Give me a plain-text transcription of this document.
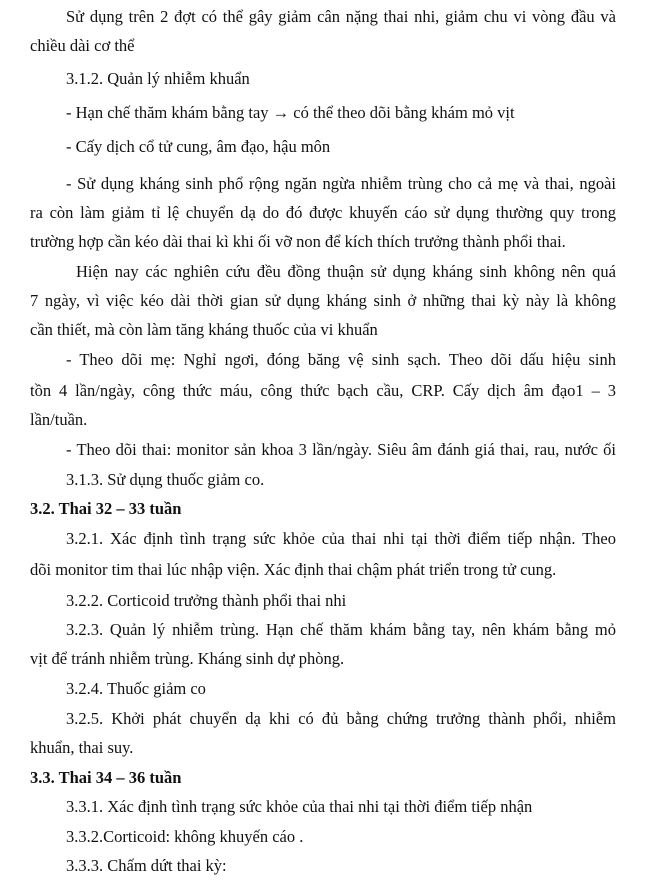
Sử dụng trên 2 đợt có thể gây giảm cân nặng thai nhi, giảm chu vi vòng đầu và
chiều dài cơ thể
3.1.2. Quản lý nhiễm khuẩn
- Hạn chế thăm khám bằng tay → có thể theo dõi bằng khám mỏ vịt
- Cấy dịch cổ tử cung, âm đạo, hậu môn
- Sử dụng kháng sinh phổ rộng ngăn ngừa nhiễm trùng cho cả mẹ và thai, ngoài
ra còn làm giảm tỉ lệ chuyển dạ do đó được khuyến cáo sử dụng thường quy trong
trường hợp cần kéo dài thai kì khi ối vỡ non để kích thích trưởng thành phổi thai.
Hiện nay các nghiên cứu đều đồng thuận sử dụng kháng sinh không nên quá
7 ngày, vì việc kéo dài thời gian sử dụng kháng sinh ở những thai kỳ này là không
cần thiết, mà còn làm tăng kháng thuốc của vi khuẩn
- Theo dõi mẹ: Nghỉ ngơi, đóng băng vệ sinh sạch. Theo dõi dấu hiệu sinh
tồn 4 lần/ngày, công thức máu, công thức bạch cầu, CRP. Cấy dịch âm đạo1 – 3
lần/tuần.
- Theo dõi thai: monitor sản khoa 3 lần/ngày. Siêu âm đánh giá thai, rau, nước ối
3.1.3. Sử dụng thuốc giảm co.
3.2. Thai 32 – 33 tuần
3.2.1. Xác định tình trạng sức khỏe của thai nhi tại thời điểm tiếp nhận. Theo
dõi monitor tim thai lúc nhập viện. Xác định thai chậm phát triển trong tử cung.
3.2.2. Corticoid trưởng thành phổi thai nhi
3.2.3. Quản lý nhiễm trùng. Hạn chế thăm khám bằng tay, nên khám bằng mỏ
vịt để tránh nhiễm trùng. Kháng sinh dự phòng.
3.2.4. Thuốc giảm co
3.2.5. Khởi phát chuyển dạ khi có đủ bằng chứng trưởng thành phổi, nhiễm
khuẩn, thai suy.
3.3. Thai 34 – 36 tuần
3.3.1. Xác định tình trạng sức khỏe của thai nhi tại thời điểm tiếp nhận
3.3.2.Corticoid: không khuyến cáo .
3.3.3. Chấm dứt thai kỳ:
